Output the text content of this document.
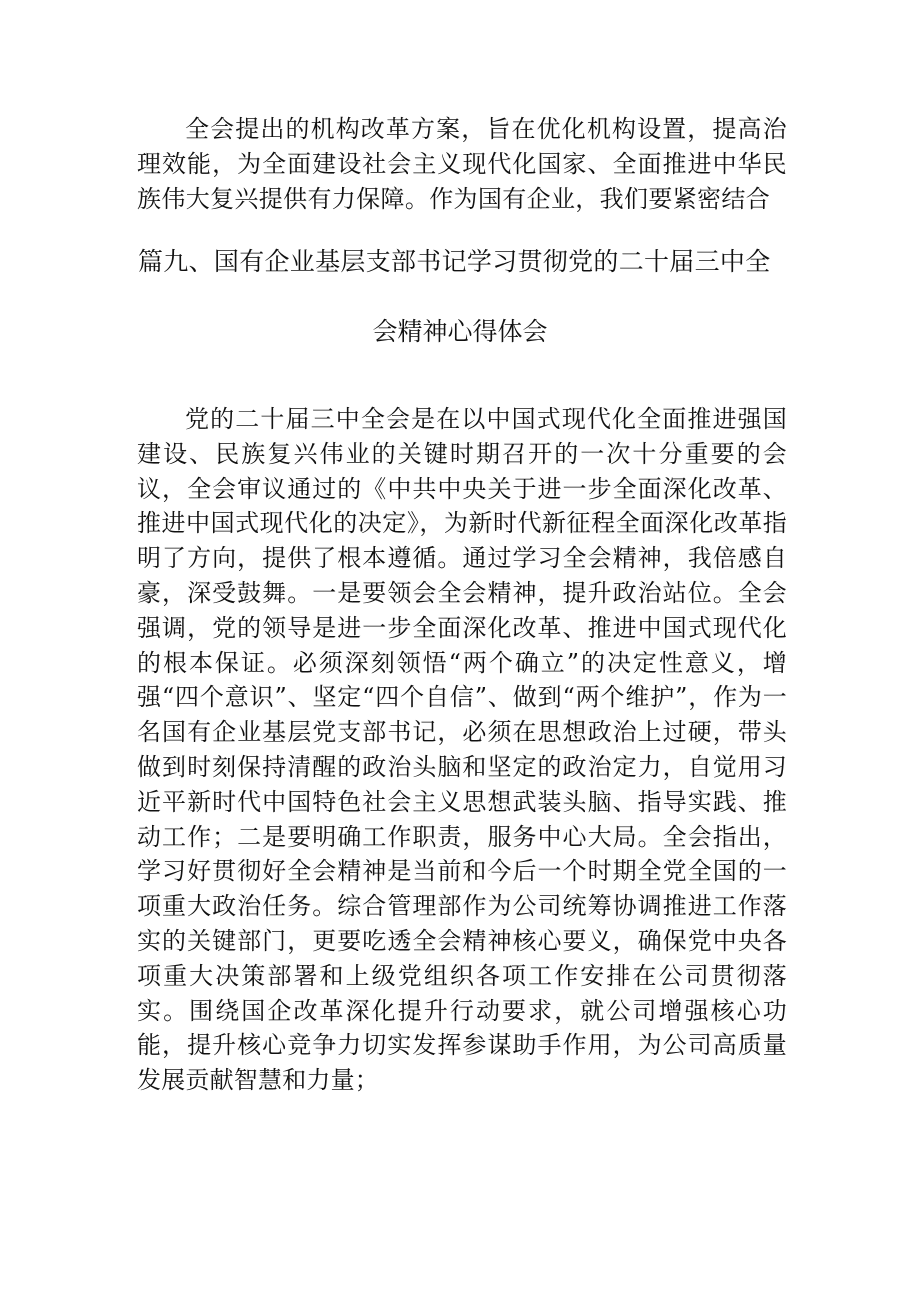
全会提出的机构改革方案，旨在优化机构设置，提高治理效能，为全面建设社会主义现代化国家、全面推进中华民族伟大复兴提供有力保障。作为国有企业，我们要紧密结合

篇九、国有企业基层支部书记学习贯彻党的二十届三中全
会精神心得体会

党的二十届三中全会是在以中国式现代化全面推进强国建设、民族复兴伟业的关键时期召开的一次十分重要的会议，全会审议通过的《中共中央关于进一步全面深化改革、推进中国式现代化的决定》，为新时代新征程全面深化改革指明了方向，提供了根本遵循。通过学习全会精神，我倍感自豪，深受鼓舞。一是要领会全会精神，提升政治站位。全会强调，党的领导是进一步全面深化改革、推进中国式现代化的根本保证。必须深刻领悟“两个确立”的决定性意义，增强“四个意识”、坚定“四个自信”、做到“两个维护”，作为一名国有企业基层党支部书记，必须在思想政治上过硬，带头做到时刻保持清醒的政治头脑和坚定的政治定力，自觉用习近平新时代中国特色社会主义思想武装头脑、指导实践、推动工作；二是要明确工作职责，服务中心大局。全会指出，学习好贯彻好全会精神是当前和今后一个时期全党全国的一项重大政治任务。综合管理部作为公司统筹协调推进工作落实的关键部门，更要吃透全会精神核心要义，确保党中央各项重大决策部署和上级党组织各项工作安排在公司贯彻落实。围绕国企改革深化提升行动要求，就公司增强核心功能，提升核心竞争力切实发挥参谋助手作用，为公司高质量发展贡献智慧和力量；
